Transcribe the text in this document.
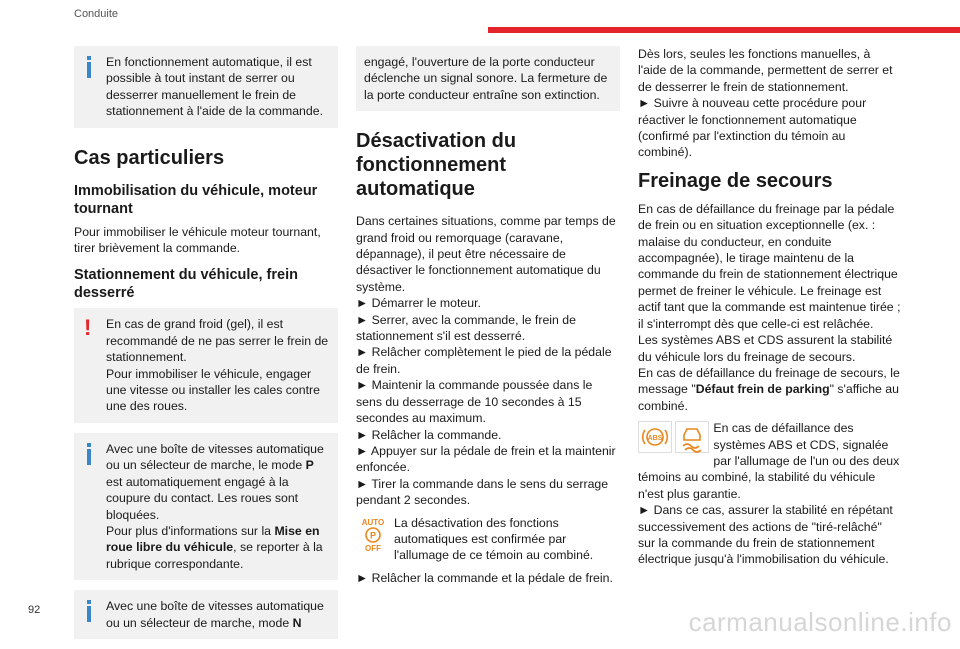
Conduite

En fonctionnement automatique, il est possible à tout instant de serrer ou desserrer manuellement le frein de stationnement à l'aide de la commande.

Cas particuliers
Immobilisation du véhicule, moteur tournant

Pour immobiliser le véhicule moteur tournant, tirer brièvement la commande.

Stationnement du véhicule, frein desserré
!	En cas de grand froid (gel), il est recommandé de ne pas serrer le frein de stationnement.
Pour immobiliser le véhicule, engager une vitesse ou installer les cales contre une des roues.

Avec une boîte de vitesses automatique ou un sélecteur de marche, le mode P est automatiquement engagé à la coupure du contact. Les roues sont bloquées.
Pour plus d'informations sur la Mise en roue libre du véhicule, se reporter à la rubrique correspondante.

Avec une boîte de vitesses automatique ou un sélecteur de marche, mode N

engagé, l'ouverture de la porte conducteur déclenche un signal sonore. La fermeture de la porte conducteur entraîne son extinction.

Désactivation du fonctionnement automatique

Dans certaines situations, comme par temps de grand froid ou remorquage (caravane, dépannage), il peut être nécessaire de désactiver le fonctionnement automatique du système.
► Démarrer le moteur.
► Serrer, avec la commande, le frein de stationnement s'il est desserré.
► Relâcher complètement le pied de la pédale de frein.
► Maintenir la commande poussée dans le sens du desserrage de 10 secondes à 15 secondes au maximum.
► Relâcher la commande.
► Appuyer sur la pédale de frein et la maintenir enfoncée.
► Tirer la commande dans le sens du serrage pendant 2 secondes.

AUTO
P
OFF

La désactivation des fonctions automatiques est confirmée par l'allumage de ce témoin au combiné.

► Relâcher la commande et la pédale de frein.

Dès lors, seules les fonctions manuelles, à l'aide de la commande, permettent de serrer et de desserrer le frein de stationnement.
► Suivre à nouveau cette procédure pour réactiver le fonctionnement automatique (confirmé par l'extinction du témoin au combiné).

Freinage de secours

En cas de défaillance du freinage par la pédale de frein ou en situation exceptionnelle (ex. : malaise du conducteur, en conduite accompagnée), le tirage maintenu de la commande du frein de stationnement électrique permet de freiner le véhicule. Le freinage est actif tant que la commande est maintenue tirée ; il s'interrompt dès que celle-ci est relâchée.
Les systèmes ABS et CDS assurent la stabilité du véhicule lors du freinage de secours.
En cas de défaillance du freinage de secours, le message "Défaut frein de parking" s'affiche au combiné.

ABS

En cas de défaillance des systèmes ABS et CDS, signalée par l'allumage de l'un ou des deux témoins au combiné, la stabilité du véhicule n'est plus garantie.
► Dans ce cas, assurer la stabilité en répétant successivement des actions de "tiré-relâché" sur la commande du frein de stationnement électrique jusqu'à l'immobilisation du véhicule.

92	carmanualsonline.info
